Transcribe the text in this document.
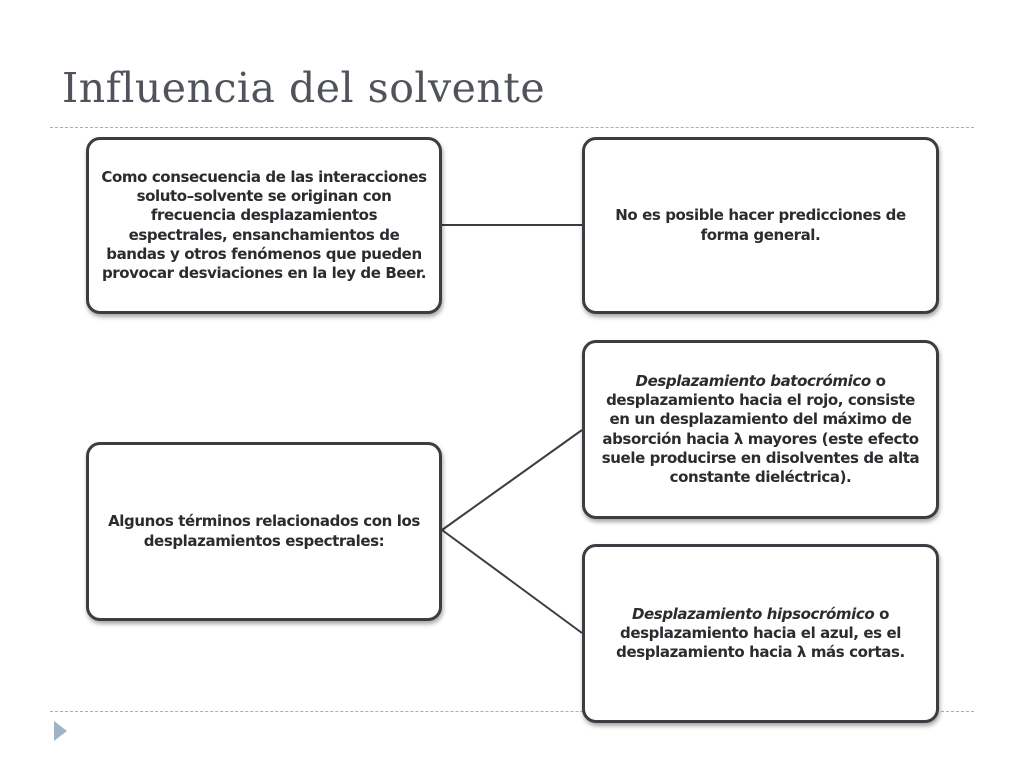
Influencia del solvente
Como consecuencia de las interacciones soluto–solvente se originan con frecuencia desplazamientos espectrales, ensanchamientos de bandas y otros fenómenos que pueden provocar desviaciones en la ley de Beer.
No es posible hacer predicciones de forma general.
Algunos términos relacionados con los desplazamientos espectrales:
Desplazamiento batocrómico o desplazamiento hacia el rojo, consiste en un desplazamiento del máximo de absorción hacia λ mayores (este efecto suele producirse en disolventes de alta constante dieléctrica).
Desplazamiento hipsocrómico o desplazamiento hacia el azul, es el desplazamiento hacia λ más cortas.
